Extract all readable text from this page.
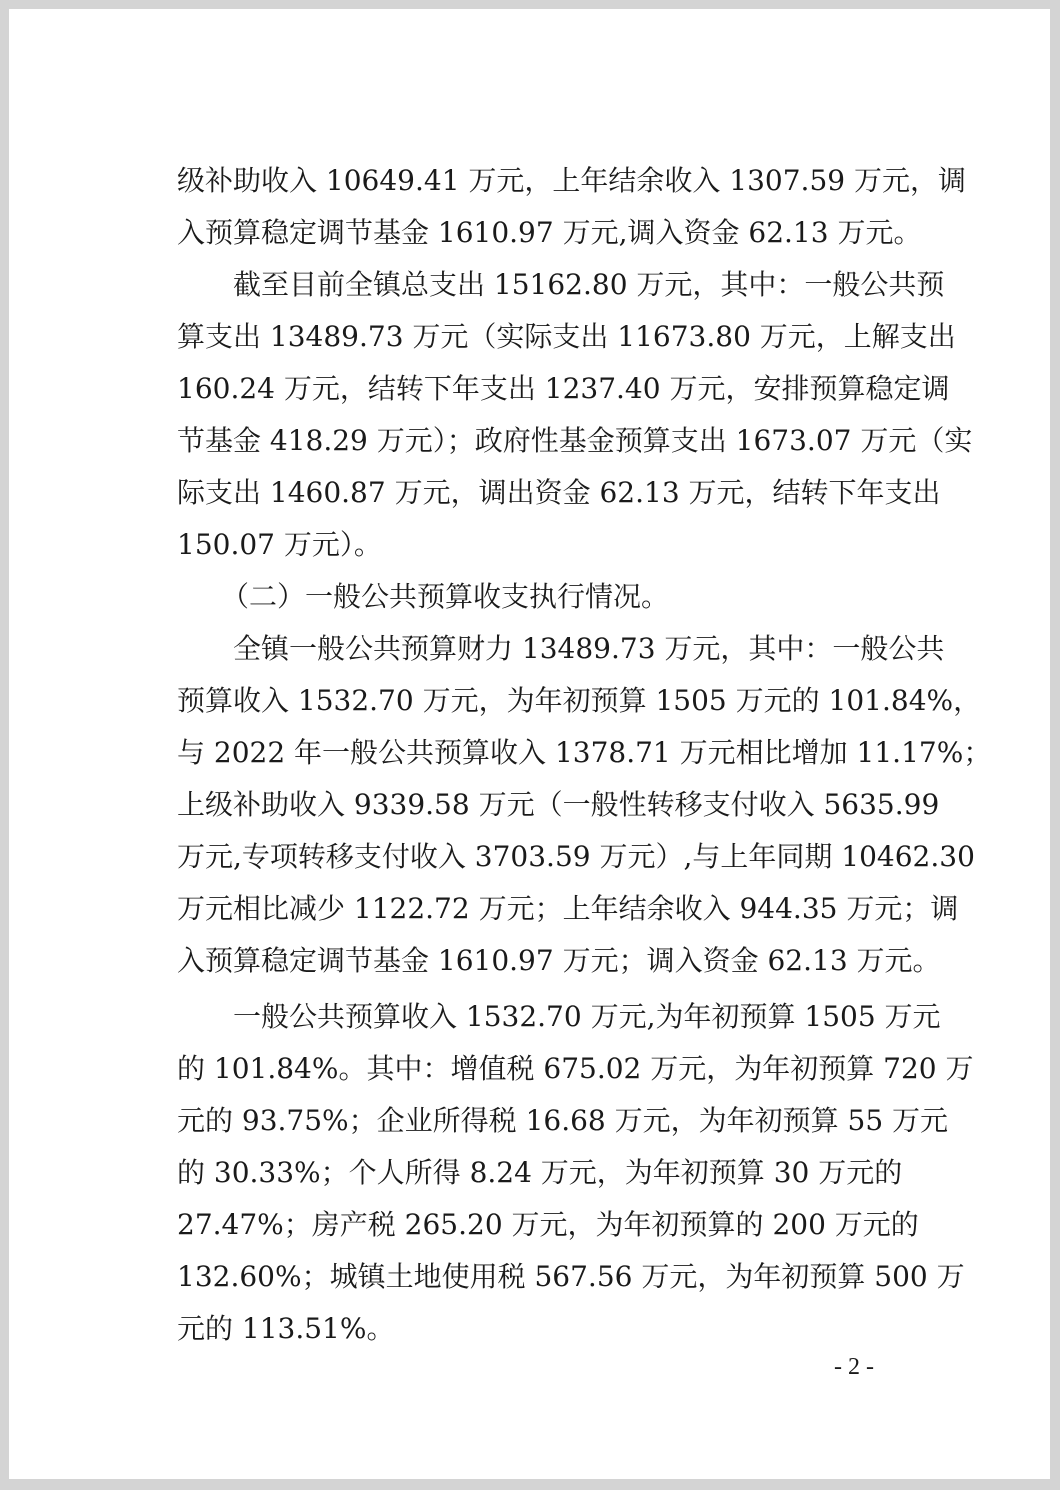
级补助收入 10649.41 万元，上年结余收入 1307.59 万元，调
入预算稳定调节基金 1610.97 万元,调入资金 62.13 万元。
截至目前全镇总支出 15162.80 万元，其中：一般公共预
算支出 13489.73 万元（实际支出 11673.80 万元，上解支出
160.24 万元，结转下年支出 1237.40 万元，安排预算稳定调
节基金 418.29 万元）；政府性基金预算支出 1673.07 万元（实
际支出 1460.87 万元，调出资金 62.13 万元，结转下年支出
150.07 万元）。
（二）一般公共预算收支执行情况。
全镇一般公共预算财力 13489.73 万元，其中：一般公共
预算收入 1532.70 万元，为年初预算 1505 万元的 101.84%，
与 2022 年一般公共预算收入 1378.71 万元相比增加 11.17%；
上级补助收入 9339.58 万元（一般性转移支付收入 5635.99
万元,专项转移支付收入 3703.59 万元）,与上年同期 10462.30
万元相比减少 1122.72 万元；上年结余收入 944.35 万元；调
入预算稳定调节基金 1610.97 万元；调入资金 62.13 万元。
一般公共预算收入 1532.70 万元,为年初预算 1505 万元
的 101.84%。其中：增值税 675.02 万元，为年初预算 720 万
元的 93.75%；企业所得税 16.68 万元，为年初预算 55 万元
的 30.33%；个人所得 8.24 万元，为年初预算 30 万元的
27.47%；房产税 265.20 万元，为年初预算的 200 万元的
132.60%；城镇土地使用税 567.56 万元，为年初预算 500 万
元的 113.51%。
- 2 -
